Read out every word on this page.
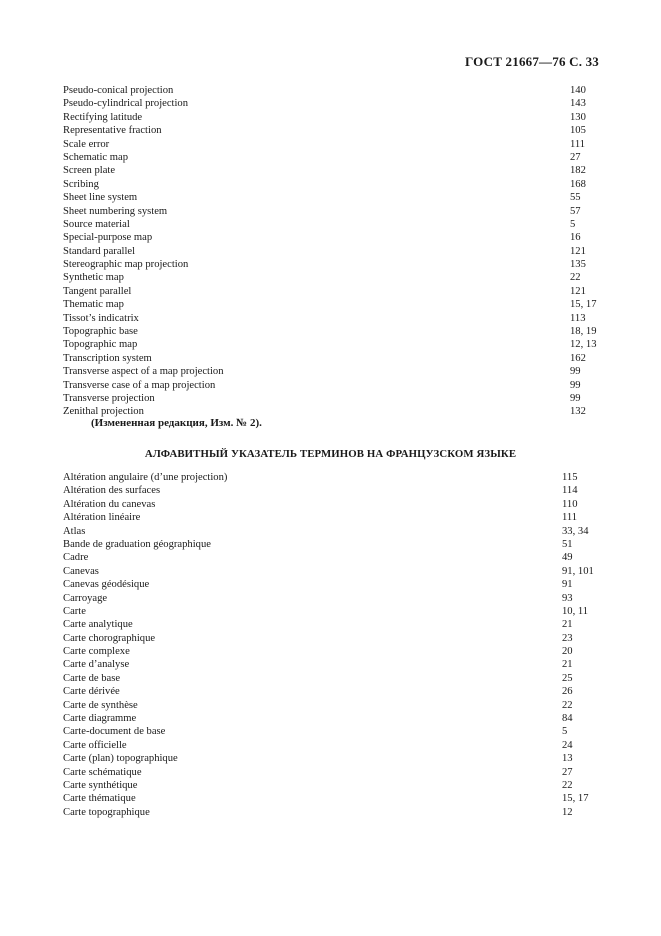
ГОСТ 21667—76 С. 33
Pseudo-conical projection	140
Pseudo-cylindrical projection	143
Rectifying latitude	130
Representative fraction	105
Scale error	111
Schematic map	27
Screen plate	182
Scribing	168
Sheet line system	55
Sheet numbering system	57
Source material	5
Special-purpose map	16
Standard parallel	121
Stereographic map projection	135
Synthetic map	22
Tangent parallel	121
Thematic map	15, 17
Tissot’s indicatrix	113
Topographic base	18, 19
Topographic map	12, 13
Transcription system	162
Transverse aspect of a map projection	99
Transverse case of a map projection	99
Transverse projection	99
Zenithal projection	132
(Измененная редакция, Изм. № 2).
АЛФАВИТНЫЙ УКАЗАТЕЛЬ ТЕРМИНОВ НА ФРАНЦУЗСКОМ ЯЗЫКЕ
Altération angulaire (d’une projection)	115
Altération des surfaces	114
Altération du canevas	110
Altération linéaire	111
Atlas	33, 34
Bande de graduation géographique	51
Cadre	49
Canevas	91, 101
Canevas géodésique	91
Carroyage	93
Carte	10, 11
Carte analytique	21
Carte chorographique	23
Carte complexe	20
Carte d’analyse	21
Carte de base	25
Carte dérivée	26
Carte de synthèse	22
Carte diagramme	84
Carte-document de base	5
Carte officielle	24
Carte (plan) topographique	13
Carte schématique	27
Carte synthétique	22
Carte thématique	15, 17
Carte topographique	12
